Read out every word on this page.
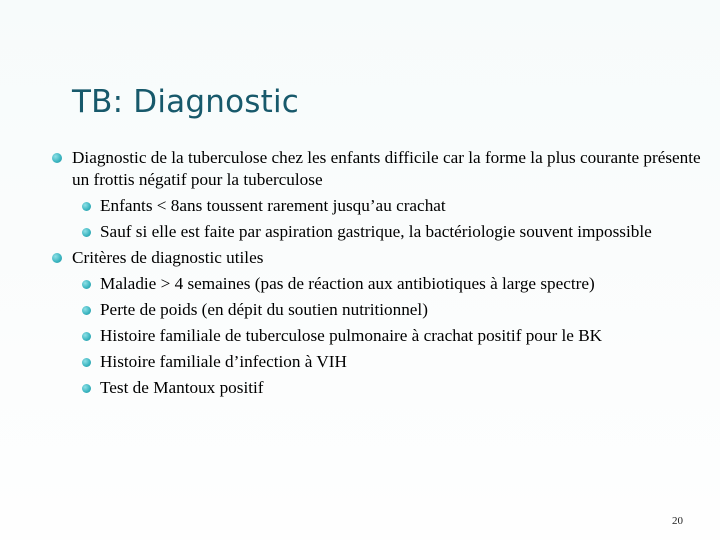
TB: Diagnostic
Diagnostic de la tuberculose chez les enfants difficile car la forme la plus courante présente un frottis négatif pour la tuberculose
Enfants < 8ans toussent rarement jusqu’au crachat
Sauf si elle est faite par aspiration gastrique, la bactériologie souvent impossible
Critères de diagnostic utiles
Maladie > 4 semaines (pas de réaction aux antibiotiques à large spectre)
Perte de poids (en dépit du soutien nutritionnel)
Histoire familiale de tuberculose pulmonaire à crachat positif pour le BK
Histoire familiale d’infection à VIH
Test de Mantoux positif
20
